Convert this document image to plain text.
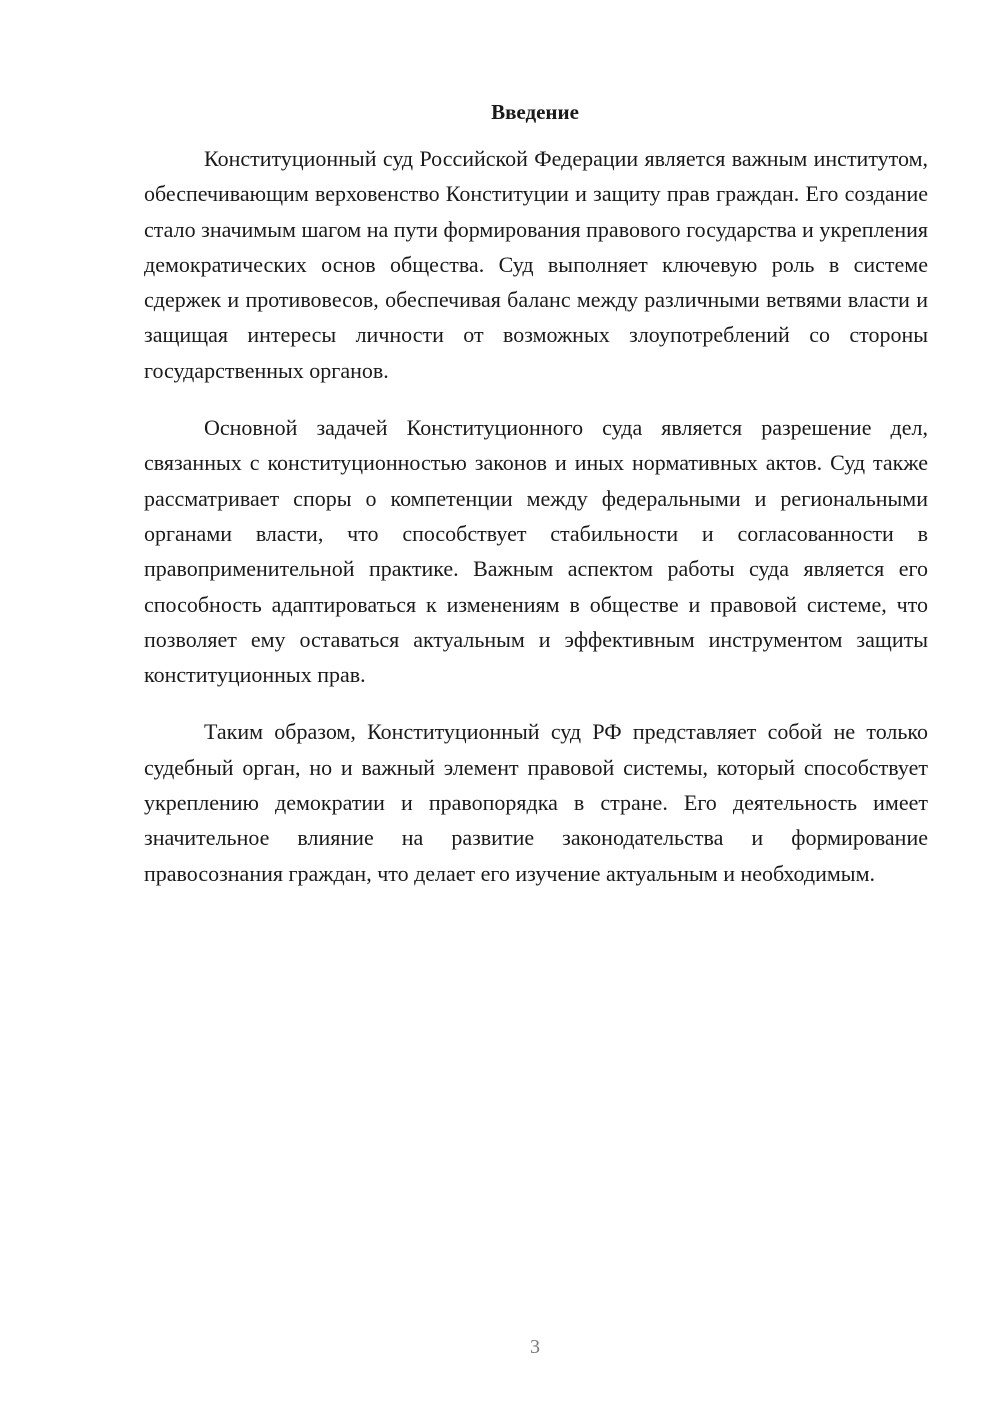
Введение

Конституционный суд Российской Федерации является важным институтом, обеспечивающим верховенство Конституции и защиту прав граждан. Его создание стало значимым шагом на пути формирования правового государства и укрепления демократических основ общества. Суд выполняет ключевую роль в системе сдержек и противовесов, обеспечивая баланс между различными ветвями власти и защищая интересы личности от возможных злоупотреблений со стороны государственных органов.

Основной задачей Конституционного суда является разрешение дел, связанных с конституционностью законов и иных нормативных актов. Суд также рассматривает споры о компетенции между федеральными и региональными органами власти, что способствует стабильности и согласованности в правоприменительной практике. Важным аспектом работы суда является его способность адаптироваться к изменениям в обществе и правовой системе, что позволяет ему оставаться актуальным и эффективным инструментом защиты конституционных прав.

Таким образом, Конституционный суд РФ представляет собой не только судебный орган, но и важный элемент правовой системы, который способствует укреплению демократии и правопорядка в стране. Его деятельность имеет значительное влияние на развитие законодательства и формирование правосознания граждан, что делает его изучение актуальным и необходимым.

3
